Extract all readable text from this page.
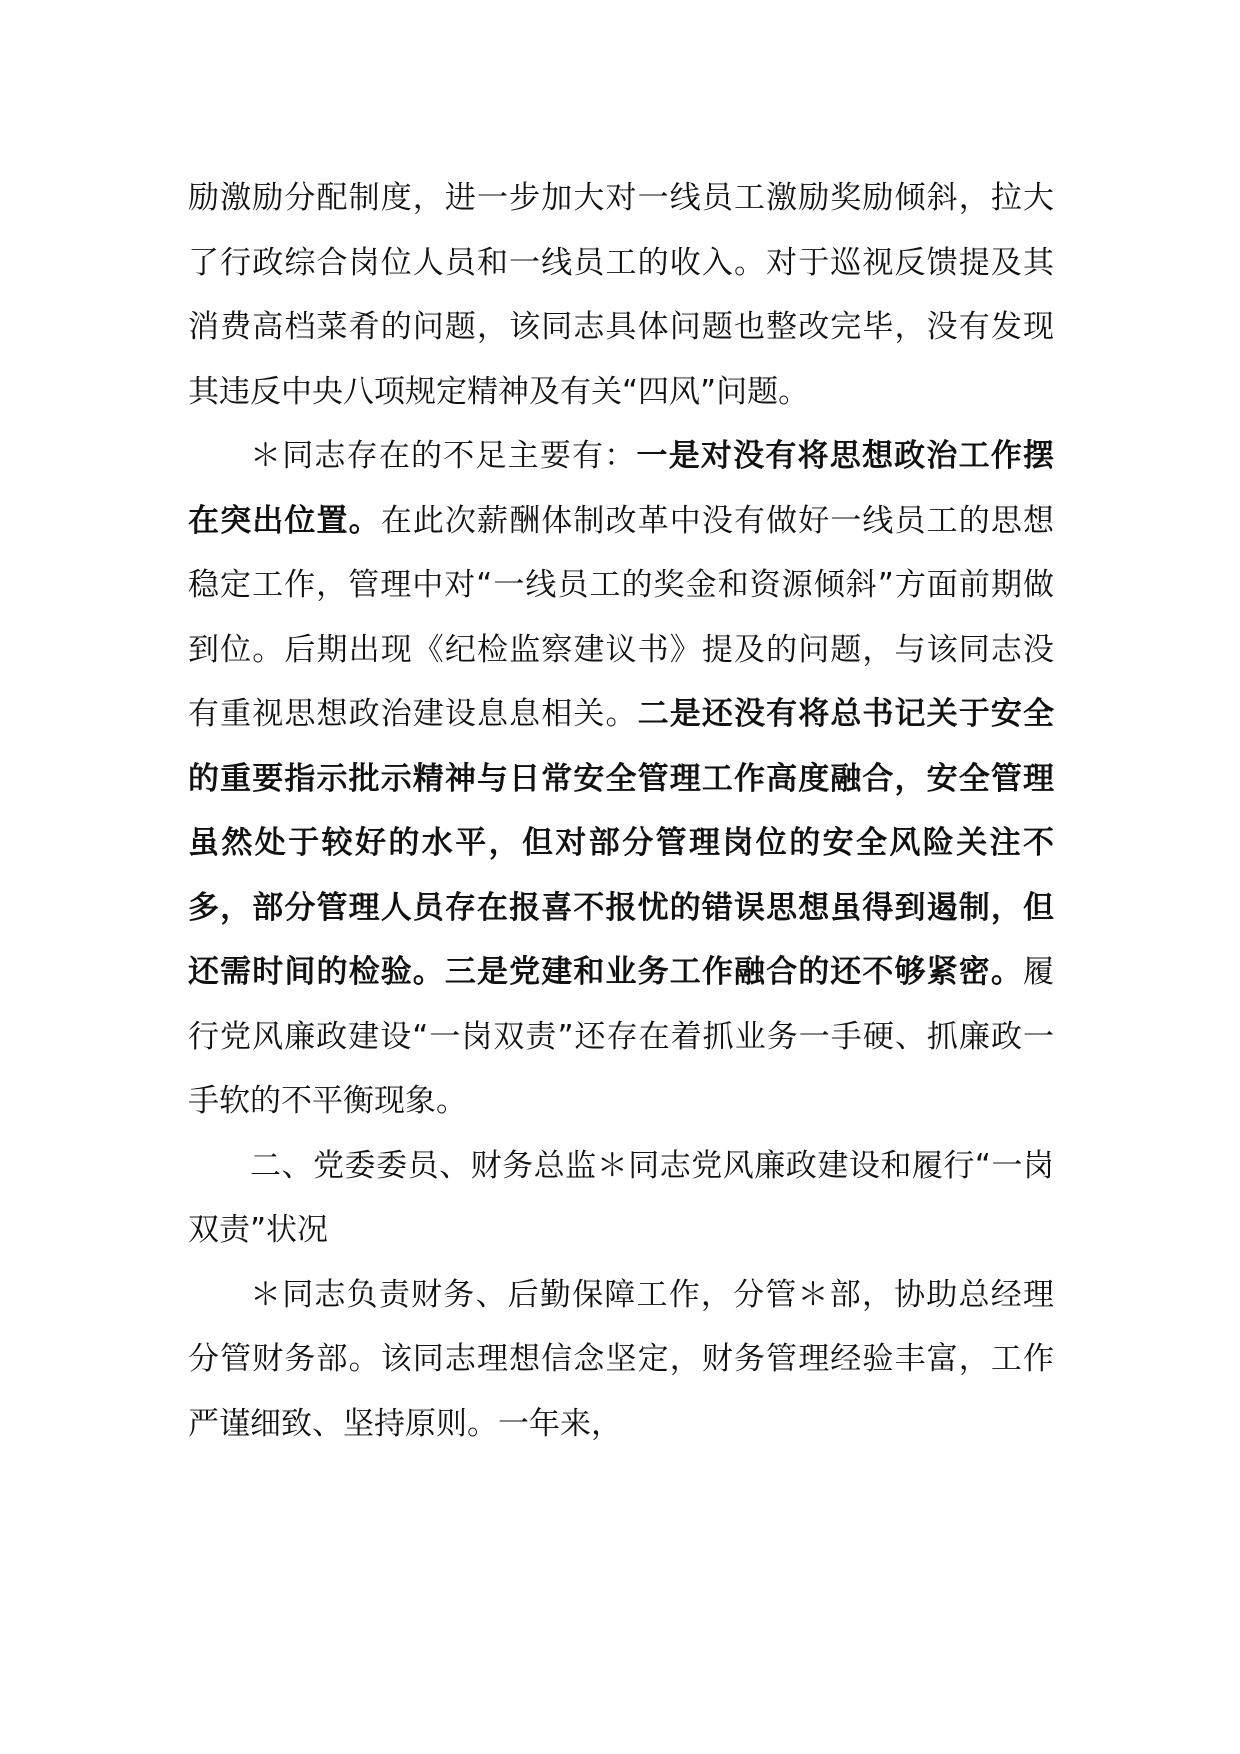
励激励分配制度，进一步加大对一线员工激励奖励倾斜，拉大了行政综合岗位人员和一线员工的收入。对于巡视反馈提及其消费高档菜肴的问题，该同志具体问题也整改完毕，没有发现其违反中央八项规定精神及有关“四风”问题。

＊同志存在的不足主要有：一是对没有将思想政治工作摆在突出位置。在此次薪酬体制改革中没有做好一线员工的思想稳定工作，管理中对“一线员工的奖金和资源倾斜”方面前期做到位。后期出现《纪检监察建议书》提及的问题，与该同志没有重视思想政治建设息息相关。二是还没有将总书记关于安全的重要指示批示精神与日常安全管理工作高度融合，安全管理虽然处于较好的水平，但对部分管理岗位的安全风险关注不多，部分管理人员存在报喜不报忧的错误思想虽得到遏制，但还需时间的检验。三是党建和业务工作融合的还不够紧密。履行党风廉政建设“一岗双责”还存在着抓业务一手硬、抓廉政一手软的不平衡现象。

二、党委委员、财务总监＊同志党风廉政建设和履行“一岗双责”状况

＊同志负责财务、后勤保障工作，分管＊部，协助总经理分管财务部。该同志理想信念坚定，财务管理经验丰富，工作严谨细致、坚持原则。一年来，
